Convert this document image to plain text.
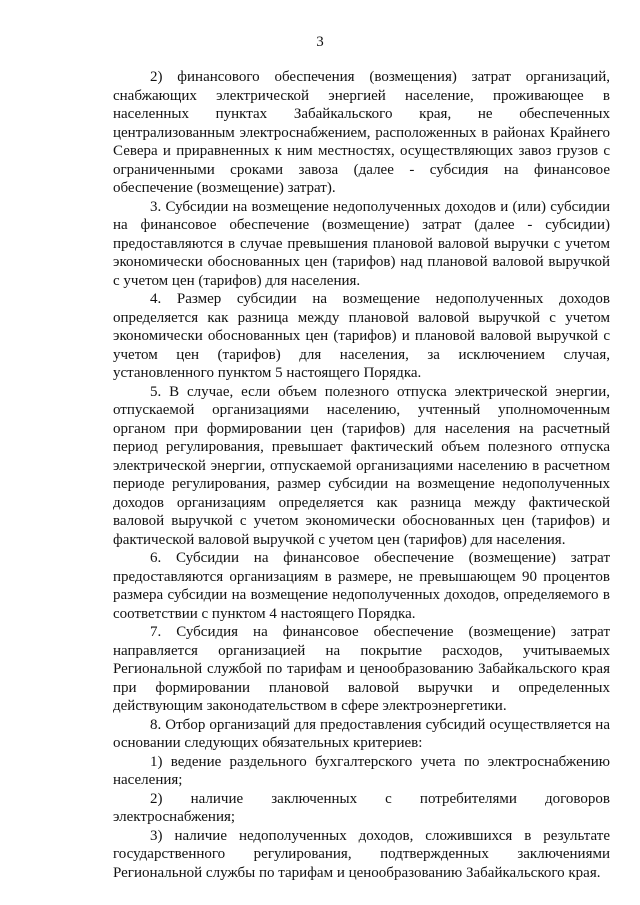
3

2) финансового обеспечения (возмещения) затрат организаций, снабжающих электрической энергией население, проживающее в населенных пунктах Забайкальского края, не обеспеченных централизованным электроснабжением, расположенных в районах Крайнего Севера и приравненных к ним местностях, осуществляющих завоз грузов с ограниченными сроками завоза (далее - субсидия на финансовое обеспечение (возмещение) затрат).

3. Субсидии на возмещение недополученных доходов и (или) субсидии на финансовое обеспечение (возмещение) затрат (далее - субсидии) предоставляются в случае превышения плановой валовой выручки с учетом экономически обоснованных цен (тарифов) над плановой валовой выручкой с учетом цен (тарифов) для населения.

4. Размер субсидии на возмещение недополученных доходов определяется как разница между плановой валовой выручкой с учетом экономически обоснованных цен (тарифов) и плановой валовой выручкой с учетом цен (тарифов) для населения, за исключением случая, установленного пунктом 5 настоящего Порядка.

5. В случае, если объем полезного отпуска электрической энергии, отпускаемой организациями населению, учтенный уполномоченным органом при формировании цен (тарифов) для населения на расчетный период регулирования, превышает фактический объем полезного отпуска электрической энергии, отпускаемой организациями населению в расчетном периоде регулирования, размер субсидии на возмещение недополученных доходов организациям определяется как разница между фактической валовой выручкой с учетом экономически обоснованных цен (тарифов) и фактической валовой выручкой с учетом цен (тарифов) для населения.

6. Субсидии на финансовое обеспечение (возмещение) затрат предоставляются организациям в размере, не превышающем 90 процентов размера субсидии на возмещение недополученных доходов, определяемого в соответствии с пунктом 4 настоящего Порядка.

7. Субсидия на финансовое обеспечение (возмещение) затрат направляется организацией на покрытие расходов, учитываемых Региональной службой по тарифам и ценообразованию Забайкальского края при формировании плановой валовой выручки и определенных действующим законодательством в сфере электроэнергетики.

8. Отбор организаций для предоставления субсидий осуществляется на основании следующих обязательных критериев:

1) ведение раздельного бухгалтерского учета по электроснабжению населения;

2) наличие заключенных с потребителями договоров электроснабжения;

3) наличие недополученных доходов, сложившихся в результате государственного регулирования, подтвержденных заключениями Региональной службы по тарифам и ценообразованию Забайкальского края.
